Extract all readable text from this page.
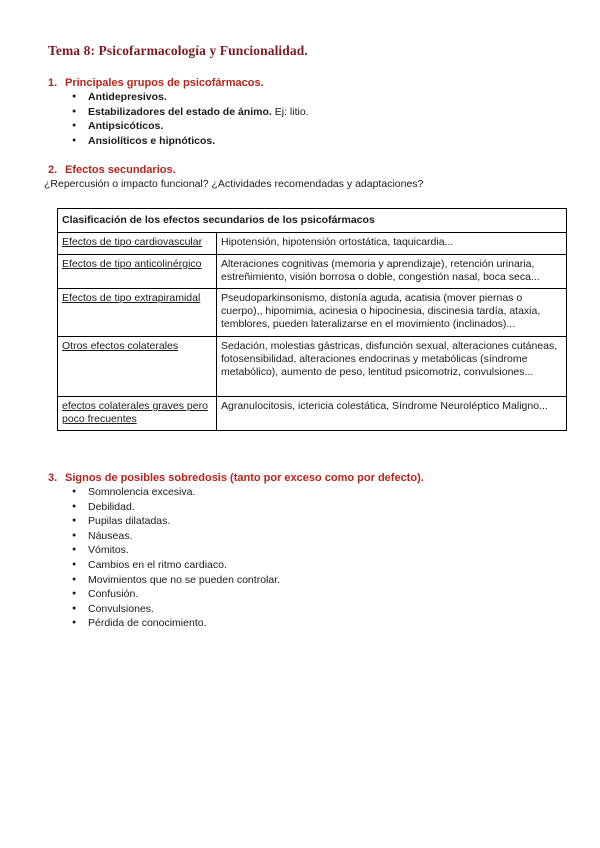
Tema 8: Psicofarmacología y Funcionalidad.
1. Principales grupos de psicofármacos.
● Antidepresivos.
● Estabilizadores del estado de ánimo. Ej: litio.
● Antipsicóticos.
● Ansiolíticos e hipnóticos.
2. Efectos secundarios.
¿Repercusión o impacto funcional? ¿Actividades recomendadas y adaptaciones?
Clasificación de los efectos secundarios de los psicofármacos	
Efectos de tipo cardiovascular	Hipotensión, hipotensión ortostática, taquicardia...
Efectos de tipo anticolinérgico	Alteraciones cognitivas (memoria y aprendizaje), retención urinaria, estreñimiento, visión borrosa o doble, congestión nasal, boca seca...
Efectos de tipo extrapiramidal	Pseudoparkinsonismo, distonía aguda, acatisia (mover piernas o cuerpo),, hipomimia, acinesia o hipocinesia, discinesia tardía, ataxia, temblores, pueden lateralizarse en el movimiento (inclinados)...
Otros efectos colaterales	Sedación, molestias gástricas, disfunción sexual, alteraciones cutáneas, fotosensibilidad, alteraciones endocrinas y metabólicas (síndrome metabólico), aumento de peso, lentitud psicomotriz, convulsiones...
efectos colaterales graves pero poco frecuentes	Agranulocitosis, ictericia colestática, Síndrome Neuroléptico Maligno...
3. Signos de posibles sobredosis (tanto por exceso como por defecto).
● Somnolencia excesiva.
● Debilidad.
● Pupilas dilatadas.
● Náuseas.
● Vómitos.
● Cambios en el ritmo cardiaco.
● Movimientos que no se pueden controlar.
● Confusión.
● Convulsiones.
● Pérdida de conocimiento.
